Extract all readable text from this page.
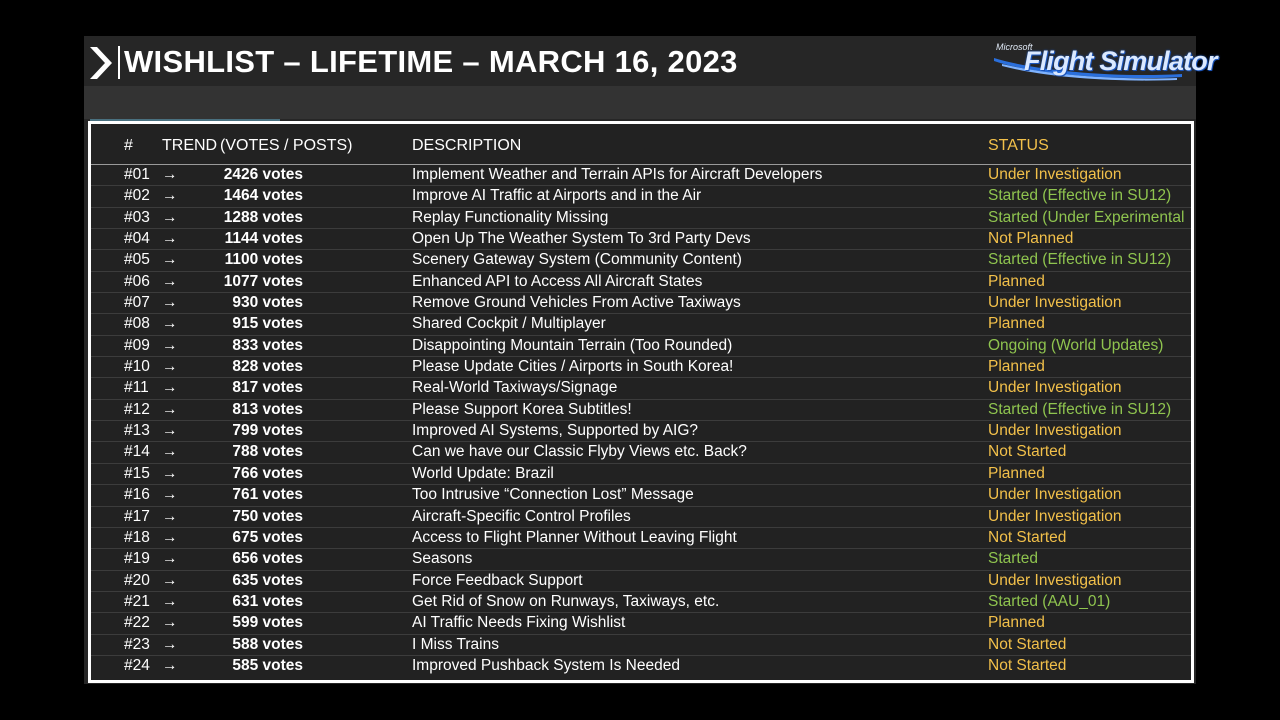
WISHLIST – LIFETIME – MARCH 16, 2023	Microsoft
Flight Simulator
# TREND (VOTES / POSTS)	DESCRIPTION	STATUS
#01 →	2426 votes	Implement Weather and Terrain APIs for Aircraft Developers	Under Investigation
#02 →	1464 votes	Improve AI Traffic at Airports and in the Air	Started (Effective in SU12)
#03 →	1288 votes	Replay Functionality Missing	Started (Under Experimental
#04 →	1144 votes	Open Up The Weather System To 3rd Party Devs	Not Planned
#05 →	1100 votes	Scenery Gateway System (Community Content)	Started (Effective in SU12)
#06 →	1077 votes	Enhanced API to Access All Aircraft States	Planned
#07 →	930 votes	Remove Ground Vehicles From Active Taxiways	Under Investigation
#08 →	915 votes	Shared Cockpit / Multiplayer	Planned
#09 →	833 votes	Disappointing Mountain Terrain (Too Rounded)	Ongoing (World Updates)
#10 →	828 votes	Please Update Cities / Airports in South Korea!	Planned
#11 →	817 votes	Real-World Taxiways/Signage	Under Investigation
#12 →	813 votes	Please Support Korea Subtitles!	Started (Effective in SU12)
#13 →	799 votes	Improved AI Systems, Supported by AIG?	Under Investigation
#14 →	788 votes	Can we have our Classic Flyby Views etc. Back?	Not Started
#15 →	766 votes	World Update: Brazil	Planned
#16 →	761 votes	Too Intrusive “Connection Lost” Message	Under Investigation
#17 →	750 votes	Aircraft-Specific Control Profiles	Under Investigation
#18 →	675 votes	Access to Flight Planner Without Leaving Flight	Not Started
#19 →	656 votes	Seasons	Started
#20 →	635 votes	Force Feedback Support	Under Investigation
#21 →	631 votes	Get Rid of Snow on Runways, Taxiways, etc.	Started (AAU_01)
#22 →	599 votes	AI Traffic Needs Fixing Wishlist	Planned
#23 →	588 votes	I Miss Trains	Not Started
#24 →	585 votes	Improved Pushback System Is Needed	Not Started
